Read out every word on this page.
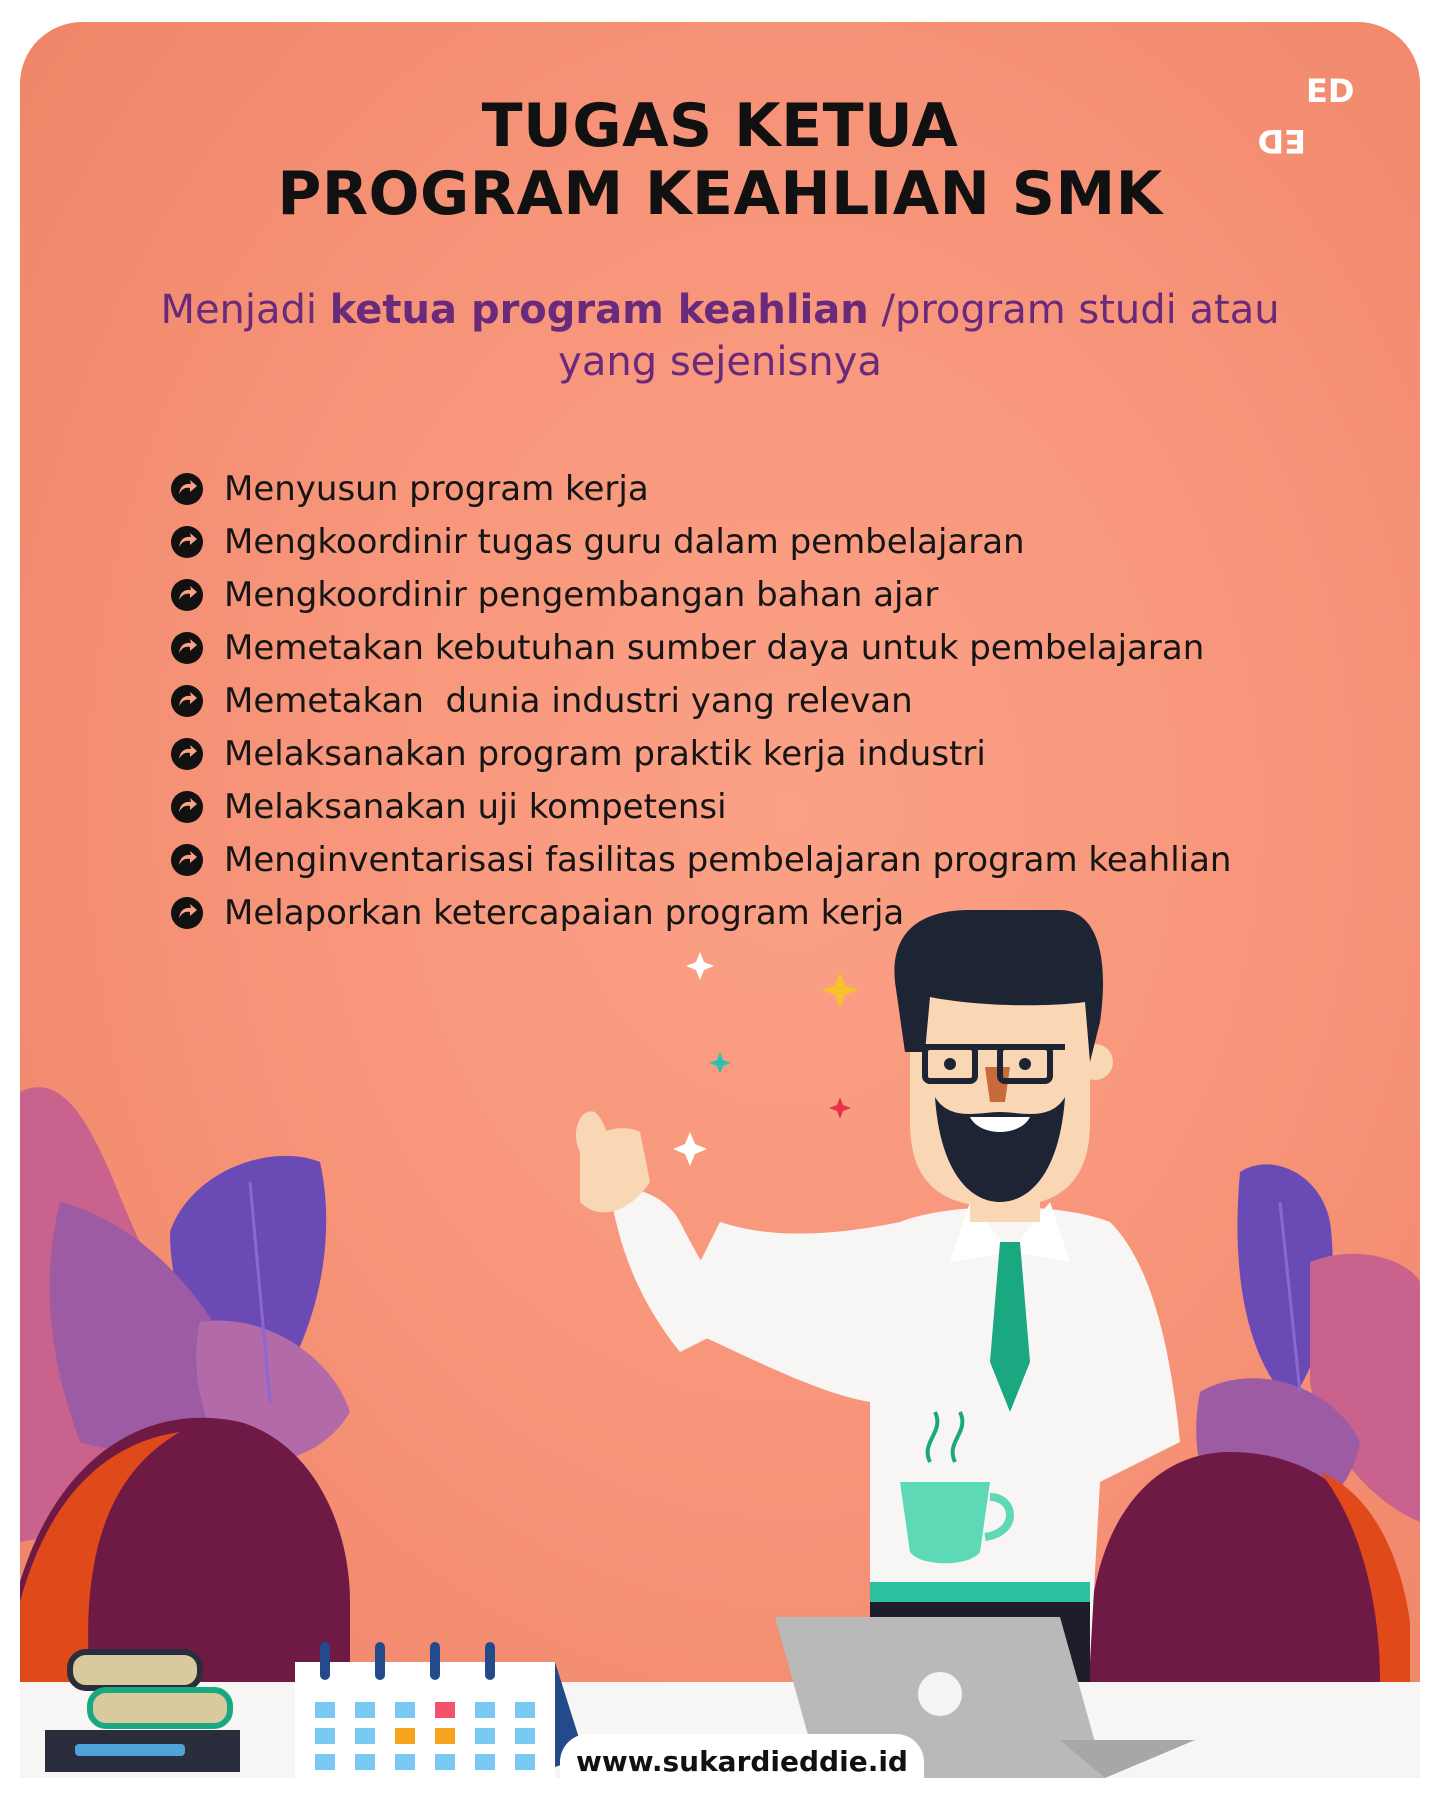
ED
ED
TUGAS KETUA
PROGRAM KEAHLIAN SMK

Menjadi ketua program keahlian /program studi atau yang sejenisnya

Menyusun program kerja
Mengkoordinir tugas guru dalam pembelajaran
Mengkoordinir pengembangan bahan ajar
Memetakan kebutuhan sumber daya untuk pembelajaran
Memetakan  dunia industri yang relevan
Melaksanakan program praktik kerja industri
Melaksanakan uji kompetensi
Menginventarisasi fasilitas pembelajaran program keahlian
Melaporkan ketercapaian program kerja
www.sukardieddie.id
